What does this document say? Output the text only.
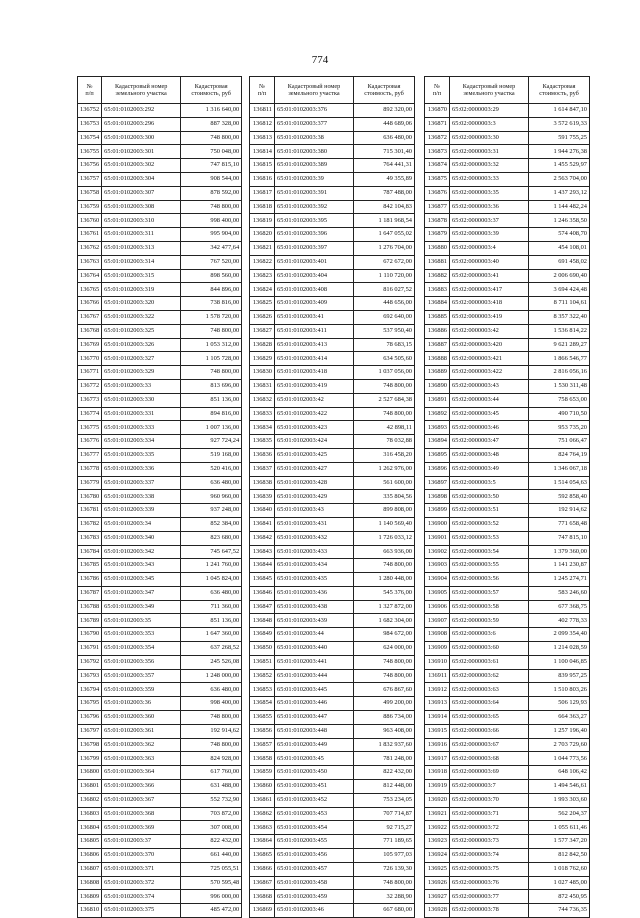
774
№
п/п	Кадастровый номер земельного участка	Кадастровая стоимость, руб
136752	65:01:0102003:292	1 316 640,00
136753	65:01:0102003:296	887 328,00
136754	65:01:0102003:300	748 800,00
136755	65:01:0102003:301	750 048,00
136756	65:01:0102003:302	747 815,10
136757	65:01:0102003:304	908 544,00
136758	65:01:0102003:307	878 592,00
136759	65:01:0102003:308	748 800,00
136760	65:01:0102003:310	998 400,00
136761	65:01:0102003:311	995 904,00
136762	65:01:0102003:313	342 477,64
136763	65:01:0102003:314	767 520,00
136764	65:01:0102003:315	898 560,00
136765	65:01:0102003:319	844 896,00
136766	65:01:0102003:320	738 816,00
136767	65:01:0102003:322	1 578 720,00
136768	65:01:0102003:325	748 800,00
136769	65:01:0102003:326	1 053 312,00
136770	65:01:0102003:327	1 105 728,00
136771	65:01:0102003:329	748 800,00
136772	65:01:0102003:33	813 696,00
136773	65:01:0102003:330	851 136,00
136774	65:01:0102003:331	894 816,00
136775	65:01:0102003:333	1 007 136,00
136776	65:01:0102003:334	927 724,24
136777	65:01:0102003:335	519 168,00
136778	65:01:0102003:336	520 416,00
136779	65:01:0102003:337	636 480,00
136780	65:01:0102003:338	960 960,00
136781	65:01:0102003:339	937 248,00
136782	65:01:0102003:34	852 384,00
136783	65:01:0102003:340	823 680,00
136784	65:01:0102003:342	745 647,52
136785	65:01:0102003:343	1 241 760,00
136786	65:01:0102003:345	1 045 824,00
136787	65:01:0102003:347	636 480,00
136788	65:01:0102003:349	711 360,00
136789	65:01:0102003:35	851 136,00
136790	65:01:0102003:353	1 647 360,00
136791	65:01:0102003:354	637 268,52
136792	65:01:0102003:356	245 526,08
136793	65:01:0102003:357	1 248 000,00
136794	65:01:0102003:359	636 480,00
136795	65:01:0102003:36	998 400,00
136796	65:01:0102003:360	748 800,00
136797	65:01:0102003:361	192 914,62
136798	65:01:0102003:362	748 800,00
136799	65:01:0102003:363	824 928,00
136800	65:01:0102003:364	617 760,00
136801	65:01:0102003:366	631 488,00
136802	65:01:0102003:367	552 732,90
136803	65:01:0102003:368	703 872,00
136804	65:01:0102003:369	307 008,00
136805	65:01:0102003:37	822 432,00
136806	65:01:0102003:370	661 440,00
136807	65:01:0102003:371	725 055,51
136808	65:01:0102003:372	570 595,48
136809	65:01:0102003:374	996 000,00
136810	65:01:0102003:375	485 472,00
№
п/п	Кадастровый номер земельного участка	Кадастровая стоимость, руб
136811	65:01:0102003:376	892 320,00
136812	65:01:0102003:377	448 689,06
136813	65:01:0102003:38	636 480,00
136814	65:01:0102003:380	715 301,40
136815	65:01:0102003:389	764 441,31
136816	65:01:0102003:39	49 355,89
136817	65:01:0102003:391	787 488,00
136818	65:01:0102003:392	842 104,83
136819	65:01:0102003:395	1 181 968,54
136820	65:01:0102003:396	1 647 055,02
136821	65:01:0102003:397	1 276 704,00
136822	65:01:0102003:401	672 672,00
136823	65:01:0102003:404	1 110 720,00
136824	65:01:0102003:408	816 027,52
136825	65:01:0102003:409	448 656,00
136826	65:01:0102003:41	692 640,00
136827	65:01:0102003:411	537 950,40
136828	65:01:0102003:413	78 683,15
136829	65:01:0102003:414	634 505,60
136830	65:01:0102003:418	1 037 056,00
136831	65:01:0102003:419	748 800,00
136832	65:01:0102003:42	2 527 684,38
136833	65:01:0102003:422	748 800,00
136834	65:01:0102003:423	42 898,11
136835	65:01:0102003:424	78 032,88
136836	65:01:0102003:425	316 458,20
136837	65:01:0102003:427	1 262 976,00
136838	65:01:0102003:428	561 600,00
136839	65:01:0102003:429	335 804,56
136840	65:01:0102003:43	899 808,00
136841	65:01:0102003:431	1 140 569,40
136842	65:01:0102003:432	1 726 033,12
136843	65:01:0102003:433	663 936,00
136844	65:01:0102003:434	748 800,00
136845	65:01:0102003:435	1 280 448,00
136846	65:01:0102003:436	545 376,00
136847	65:01:0102003:438	1 327 872,00
136848	65:01:0102003:439	1 682 304,00
136849	65:01:0102003:44	984 672,00
136850	65:01:0102003:440	624 000,00
136851	65:01:0102003:441	748 800,00
136852	65:01:0102003:444	748 800,00
136853	65:01:0102003:445	676 867,60
136854	65:01:0102003:446	499 200,00
136855	65:01:0102003:447	886 734,00
136856	65:01:0102003:448	963 408,00
136857	65:01:0102003:449	1 832 937,60
136858	65:01:0102003:45	781 248,00
136859	65:01:0102003:450	822 432,00
136860	65:01:0102003:451	812 448,00
136861	65:01:0102003:452	753 234,05
136862	65:01:0102003:453	707 714,87
136863	65:01:0102003:454	92 715,27
136864	65:01:0102003:455	771 189,65
136865	65:01:0102003:456	105 977,03
136866	65:01:0102003:457	726 139,30
136867	65:01:0102003:458	748 800,00
136868	65:01:0102003:459	32 288,90
136869	65:01:0102003:46	667 680,00
№
п/п	Кадастровый номер земельного участка	Кадастровая стоимость, руб
136870	65:02:0000003:29	1 614 847,10
136871	65:02:0000003:3	3 572 619,33
136872	65:02:0000003:30	591 755,25
136873	65:02:0000003:31	1 944 276,38
136874	65:02:0000003:32	1 455 529,97
136875	65:02:0000003:33	2 563 704,00
136876	65:02:0000003:35	1 437 293,12
136877	65:02:0000003:36	1 144 482,24
136878	65:02:0000003:37	1 246 358,50
136879	65:02:0000003:39	574 408,70
136880	65:02:0000003:4	454 108,01
136881	65:02:0000003:40	691 458,02
136882	65:02:0000003:41	2 006 690,40
136883	65:02:0000003:417	3 694 424,48
136884	65:02:0000003:418	8 711 104,61
136885	65:02:0000003:419	8 357 322,40
136886	65:02:0000003:42	1 536 814,22
136887	65:02:0000003:420	9 621 289,27
136888	65:02:0000003:421	1 866 546,77
136889	65:02:0000003:422	2 816 056,16
136890	65:02:0000003:43	1 530 311,48
136891	65:02:0000003:44	758 653,00
136892	65:02:0000003:45	490 710,50
136893	65:02:0000003:46	953 735,20
136894	65:02:0000003:47	751 066,47
136895	65:02:0000003:48	824 764,19
136896	65:02:0000003:49	1 346 067,18
136897	65:02:0000003:5	1 514 054,63
136898	65:02:0000003:50	592 858,40
136899	65:02:0000003:51	192 914,62
136900	65:02:0000003:52	771 658,48
136901	65:02:0000003:53	747 815,10
136902	65:02:0000003:54	1 379 360,00
136903	65:02:0000003:55	1 141 230,87
136904	65:02:0000003:56	1 245 274,71
136905	65:02:0000003:57	583 246,60
136906	65:02:0000003:58	677 368,75
136907	65:02:0000003:59	402 778,33
136908	65:02:0000003:6	2 099 354,40
136909	65:02:0000003:60	1 214 028,59
136910	65:02:0000003:61	1 100 046,85
136911	65:02:0000003:62	839 957,25
136912	65:02:0000003:63	1 510 803,26
136913	65:02:0000003:64	506 129,93
136914	65:02:0000003:65	664 363,27
136915	65:02:0000003:66	1 257 196,40
136916	65:02:0000003:67	2 703 729,60
136917	65:02:0000003:68	1 044 773,56
136918	65:02:0000003:69	648 106,42
136919	65:02:0000003:7	1 494 546,61
136920	65:02:0000003:70	1 993 303,60
136921	65:02:0000003:71	562 204,37
136922	65:02:0000003:72	1 055 611,46
136923	65:02:0000003:73	1 577 347,20
136924	65:02:0000003:74	812 842,50
136925	65:02:0000003:75	1 018 762,60
136926	65:02:0000003:76	1 027 485,00
136927	65:02:0000003:77	872 450,95
136928	65:02:0000003:78	744 736,35
